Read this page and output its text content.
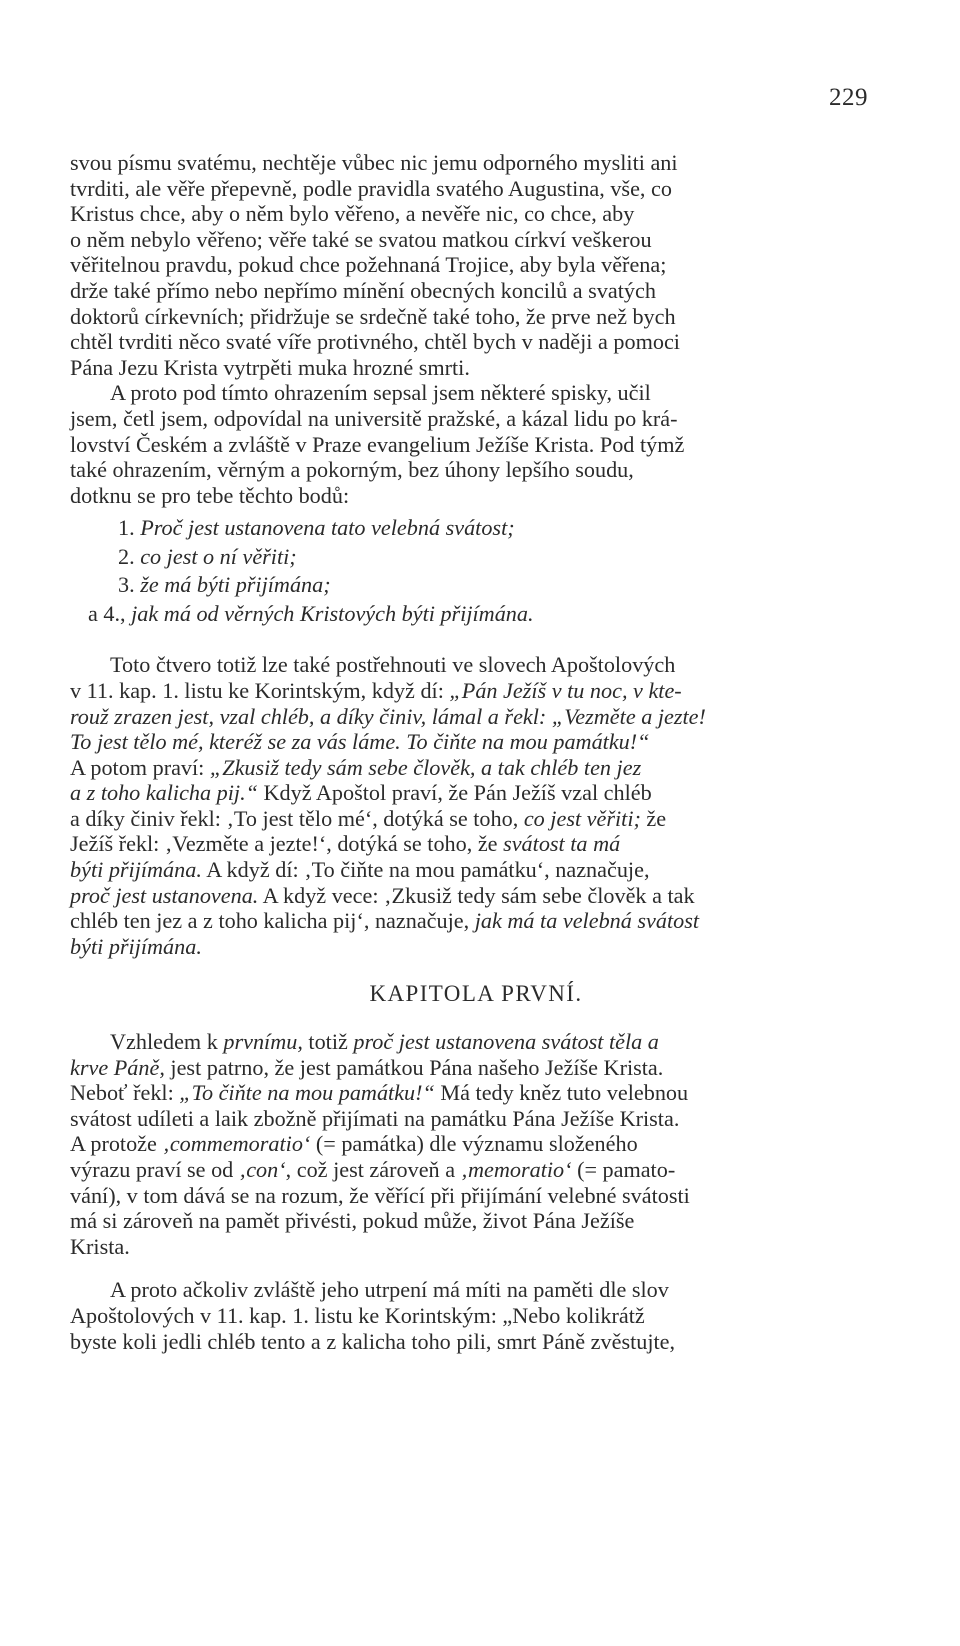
229

svou písmu svatému, nechtěje vůbec nic jemu odporného mysliti ani
tvrditi, ale věře přepevně, podle pravidla svatého Augustina, vše, co
Kristus chce, aby o něm bylo věřeno, a nevěře nic, co chce, aby
o něm nebylo věřeno; věře také se svatou matkou církví veškerou
věřitelnou pravdu, pokud chce požehnaná Trojice, aby byla věřena;
drže také přímo nebo nepřímo mínění obecných koncilů a svatých
doktorů církevních; přidržuje se srdečně také toho, že prve než bych
chtěl tvrditi něco svaté víře protivného, chtěl bych v naději a pomoci
Pána Jezu Krista vytrpěti muka hrozné smrti.

A proto pod tímto ohrazením sepsal jsem některé spisky, učil
jsem, četl jsem, odpovídal na universitě pražské, a kázal lidu po krá-
lovství Českém a zvláště v Praze evangelium Ježíše Krista. Pod týmž
také ohrazením, věrným a pokorným, bez úhony lepšího soudu,
dotknu se pro tebe těchto bodů:

1. Proč jest ustanovena tato velebná svátost;
2. co jest o ní věřiti;
3. že má býti přijímána;
a 4., jak má od věrných Kristových býti přijímána.

Toto čtvero totiž lze také postřehnouti ve slovech Apoštolových
v 11. kap. 1. listu ke Korintským, když dí: „Pán Ježíš v tu noc, v kte-
rouž zrazen jest, vzal chléb, a díky činiv, lámal a řekl: „Vezměte a jezte!
To jest tělo mé, kteréž se za vás láme. To čiňte na mou památku!“
A potom praví: „Zkusiž tedy sám sebe člověk, a tak chléb ten jez
a z toho kalicha pij.“ Když Apoštol praví, že Pán Ježíš vzal chléb
a díky činiv řekl: ‚To jest tělo mé‘, dotýká se toho, co jest věřiti; že
Ježíš řekl: ‚Vezměte a jezte!‘, dotýká se toho, že svátost ta má
býti přijímána. A když dí: ‚To čiňte na mou památku‘, naznačuje,
proč jest ustanovena. A když vece: ‚Zkusiž tedy sám sebe člověk a tak
chléb ten jez a z toho kalicha pij‘, naznačuje, jak má ta velebná svátost
býti přijímána.

KAPITOLA PRVNÍ.

Vzhledem k prvnímu, totiž proč jest ustanovena svátost těla a
krve Páně, jest patrno, že jest památkou Pána našeho Ježíše Krista.
Neboť řekl: „To čiňte na mou památku!“ Má tedy kněz tuto velebnou
svátost udíleti a laik zbožně přijímati na památku Pána Ježíše Krista.
A protože ‚commemoratio‘ (= památka) dle významu složeného
výrazu praví se od ‚con‘, což jest zároveň a ‚memoratio‘ (= pamato-
vání), v tom dává se na rozum, že věřící při přijímání velebné svátosti
má si zároveň na pamět přivésti, pokud může, život Pána Ježíše
Krista.

A proto ačkoliv zvláště jeho utrpení má míti na paměti dle slov
Apoštolových v 11. kap. 1. listu ke Korintským: „Nebo kolikrátž
byste koli jedli chléb tento a z kalicha toho pili, smrt Páně zvěstujte,
